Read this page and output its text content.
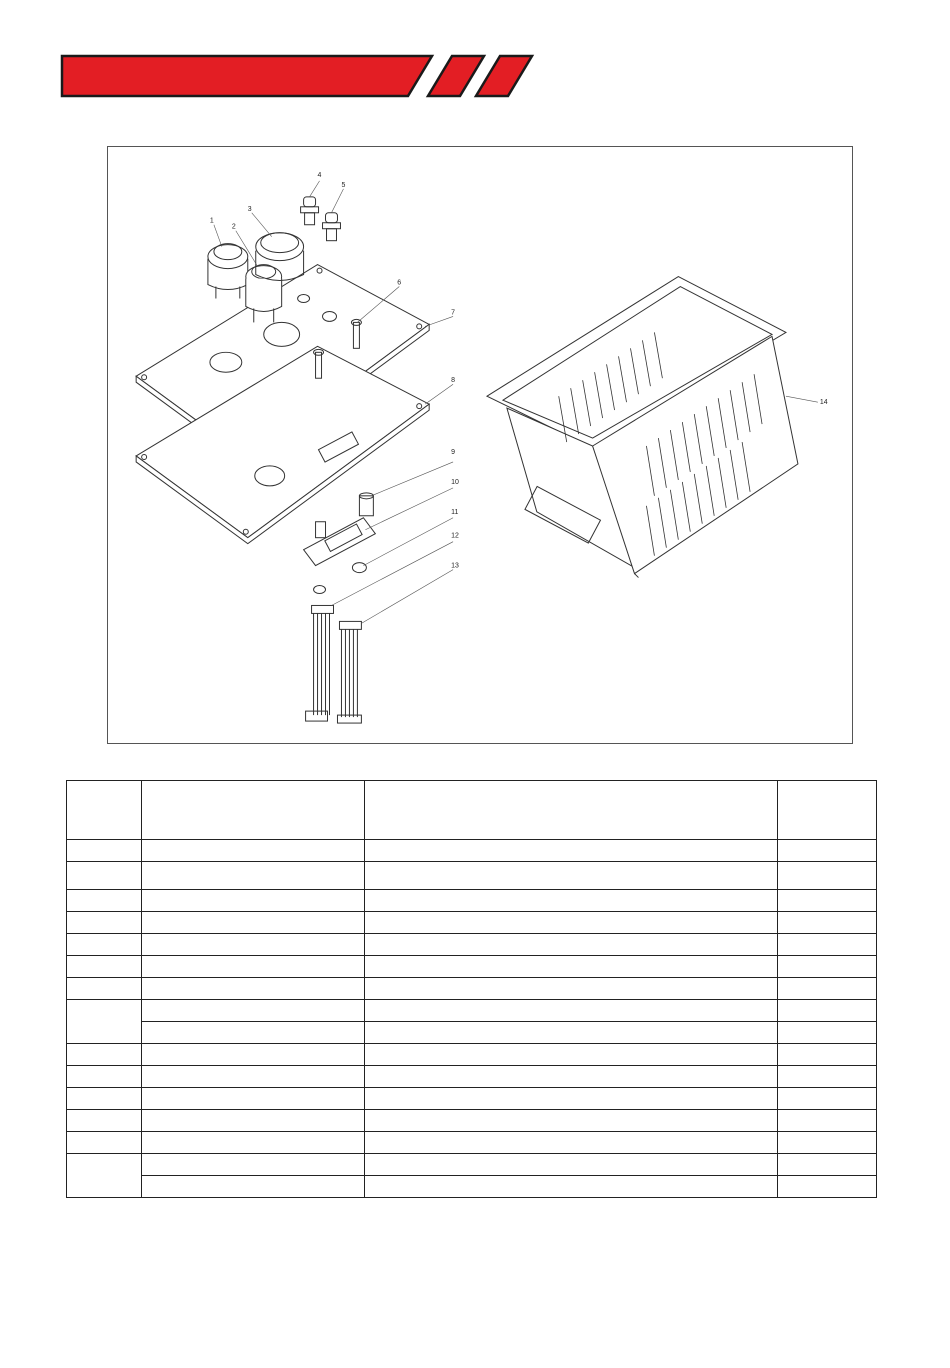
1
2
3
4
5
6
7
8
9
10
11
12
13
14
